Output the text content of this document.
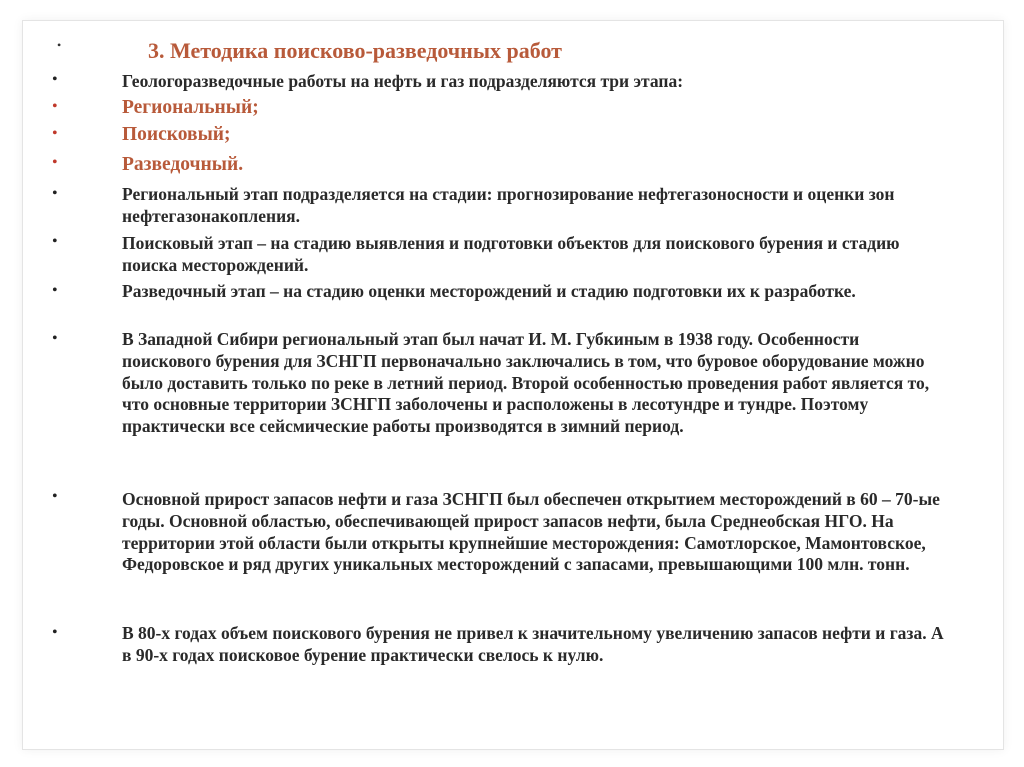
•	3. Методика поисково-разведочных работ
•	Геологоразведочные работы на нефть и газ подразделяются три этапа:

•	Региональный;

•	Поисковый;

•	Разведочный.

•	Региональный этап подразделяется на стадии: прогнозирование нефтегазоносности и оценки зон нефтегазонакопления.

•	Поисковый этап – на стадию выявления и подготовки объектов для поискового бурения и стадию поиска месторождений.

•	Разведочный этап – на стадию оценки месторождений и стадию подготовки их к разработке.

•	В Западной Сибири региональный этап был начат И. М. Губкиным в 1938 году. Особенности поискового бурения для ЗСНГП первоначально заключались в том, что буровое оборудование можно было доставить только по реке в летний период. Второй особенностью проведения работ является то, что основные территории ЗСНГП заболочены и расположены в лесотундре и тундре. Поэтому практически все сейсмические работы производятся в зимний период.

•	Основной прирост запасов нефти и газа ЗСНГП был обеспечен открытием месторождений в 60 – 70-ые годы. Основной областью, обеспечивающей прирост запасов нефти, была Среднеобская НГО. На территории этой области были открыты крупнейшие месторождения: Самотлорское, Мамонтовское, Федоровское и ряд других уникальных месторождений с запасами, превышающими 100 млн. тонн.

•	В 80-х годах объем поискового бурения не привел к значительному увеличению запасов нефти и газа. А в 90-х годах поисковое бурение практически свелось к нулю.
